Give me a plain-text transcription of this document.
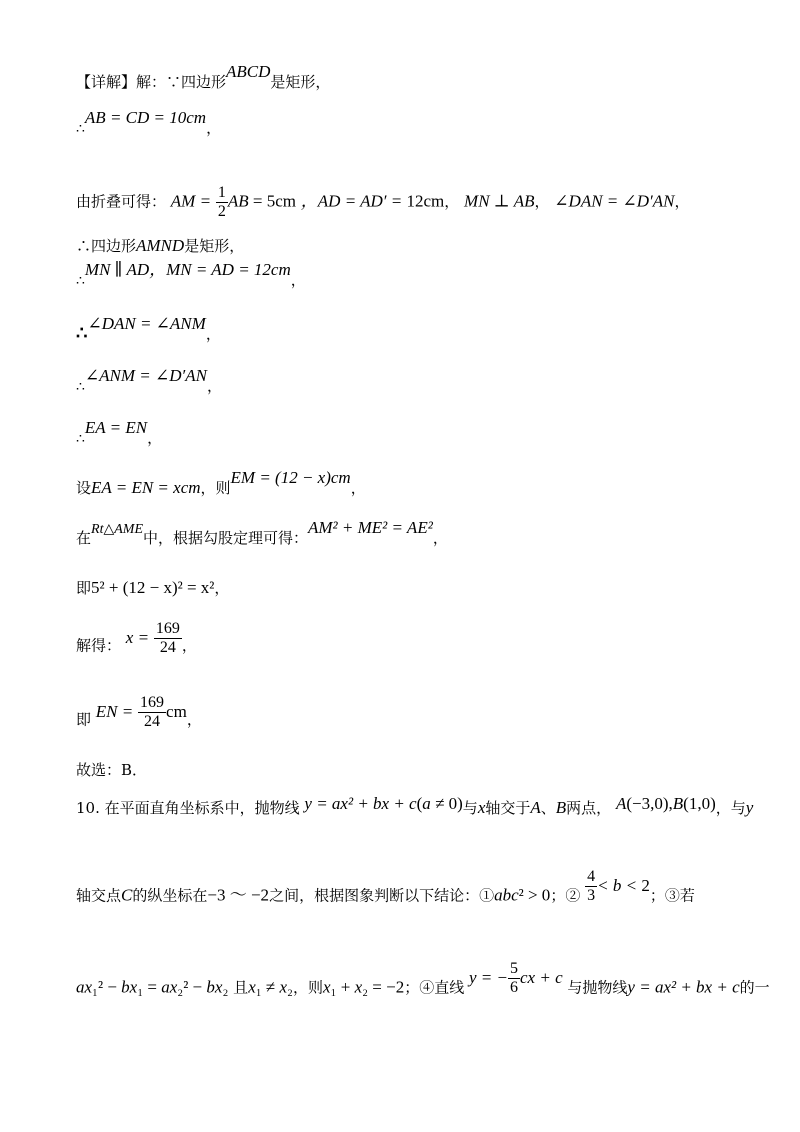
【详解】解：∵四边形ABCD是矩形，
∴AB = CD = 10cm，
由折叠可得： AM = $\frac{1}{2}$ AB = 5cm ，AD = AD′ = 12cm， MN ⊥ AB， ∠DAN = ∠D′AN，
∴四边形AMND是矩形，
∴MN ∥ AD，MN = AD = 12cm，
∴∠DAN = ∠ANM，
∴∠ANM = ∠D′AN，
∴EA = EN，
设EA = EN = xcm，则EM = (12 − x)cm，
在Rt△AME中，根据勾股定理可得：AM² + ME² = AE²，
即5² + (12 − x)² = x²，
解得： $x = \frac{169}{24}$ ，
即 EN = $\frac{169}{24}$ cm，
故选：B．
10. 在平面直角坐标系中，抛物线 y = ax² + bx + c(a ≠ 0)与x轴交于A、B两点， A(−3,0),B(1,0)，与y
轴交点C的纵坐标在−3 ～ −2之间，根据图象判断以下结论：①abc² > 0；② $\frac{4}{3} < b < 2$；③若
ax₁² − bx₁ = ax₂² − bx₂ 且x₁ ≠ x₂，则x₁ + x₂ = −2；④直线 y = − $\frac{5}{6}$ cx + c 与抛物线y = ax² + bx + c的一
